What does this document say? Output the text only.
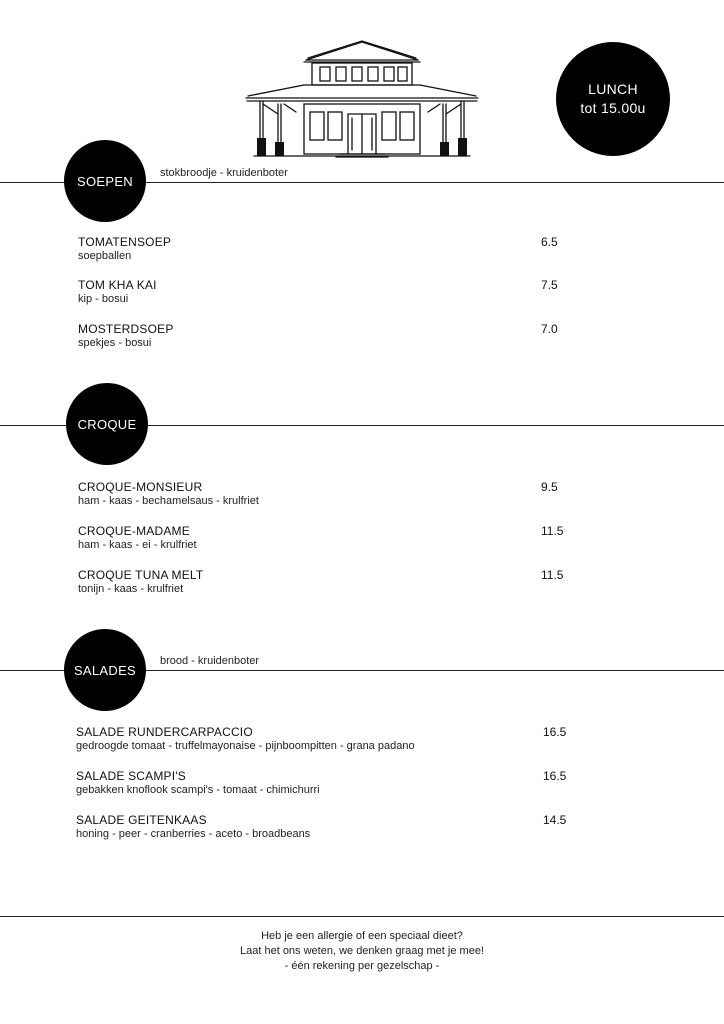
LUNCH
tot 15.00u
SOEPEN
stokbroodje - kruidenboter
TOMATENSOEP
soepballen
6.5
TOM KHA KAI
kip - bosui
7.5
MOSTERDSOEP
spekjes - bosui
7.0
CROQUE
CROQUE-MONSIEUR
ham - kaas - bechamelsaus - krulfriet
9.5
CROQUE-MADAME
ham - kaas - ei - krulfriet
11.5
CROQUE TUNA MELT
tonijn - kaas - krulfriet
11.5
SALADES
brood - kruidenboter
SALADE RUNDERCARPACCIO
gedroogde tomaat - truffelmayonaise - pijnboompitten - grana padano
16.5
SALADE SCAMPI'S
gebakken knoflook scampi's - tomaat - chimichurri
16.5
SALADE GEITENKAAS
honing - peer - cranberries - aceto - broadbeans
14.5
Heb je een allergie of een speciaal dieet?
Laat het ons weten, we denken graag met je mee!
- één rekening per gezelschap -
